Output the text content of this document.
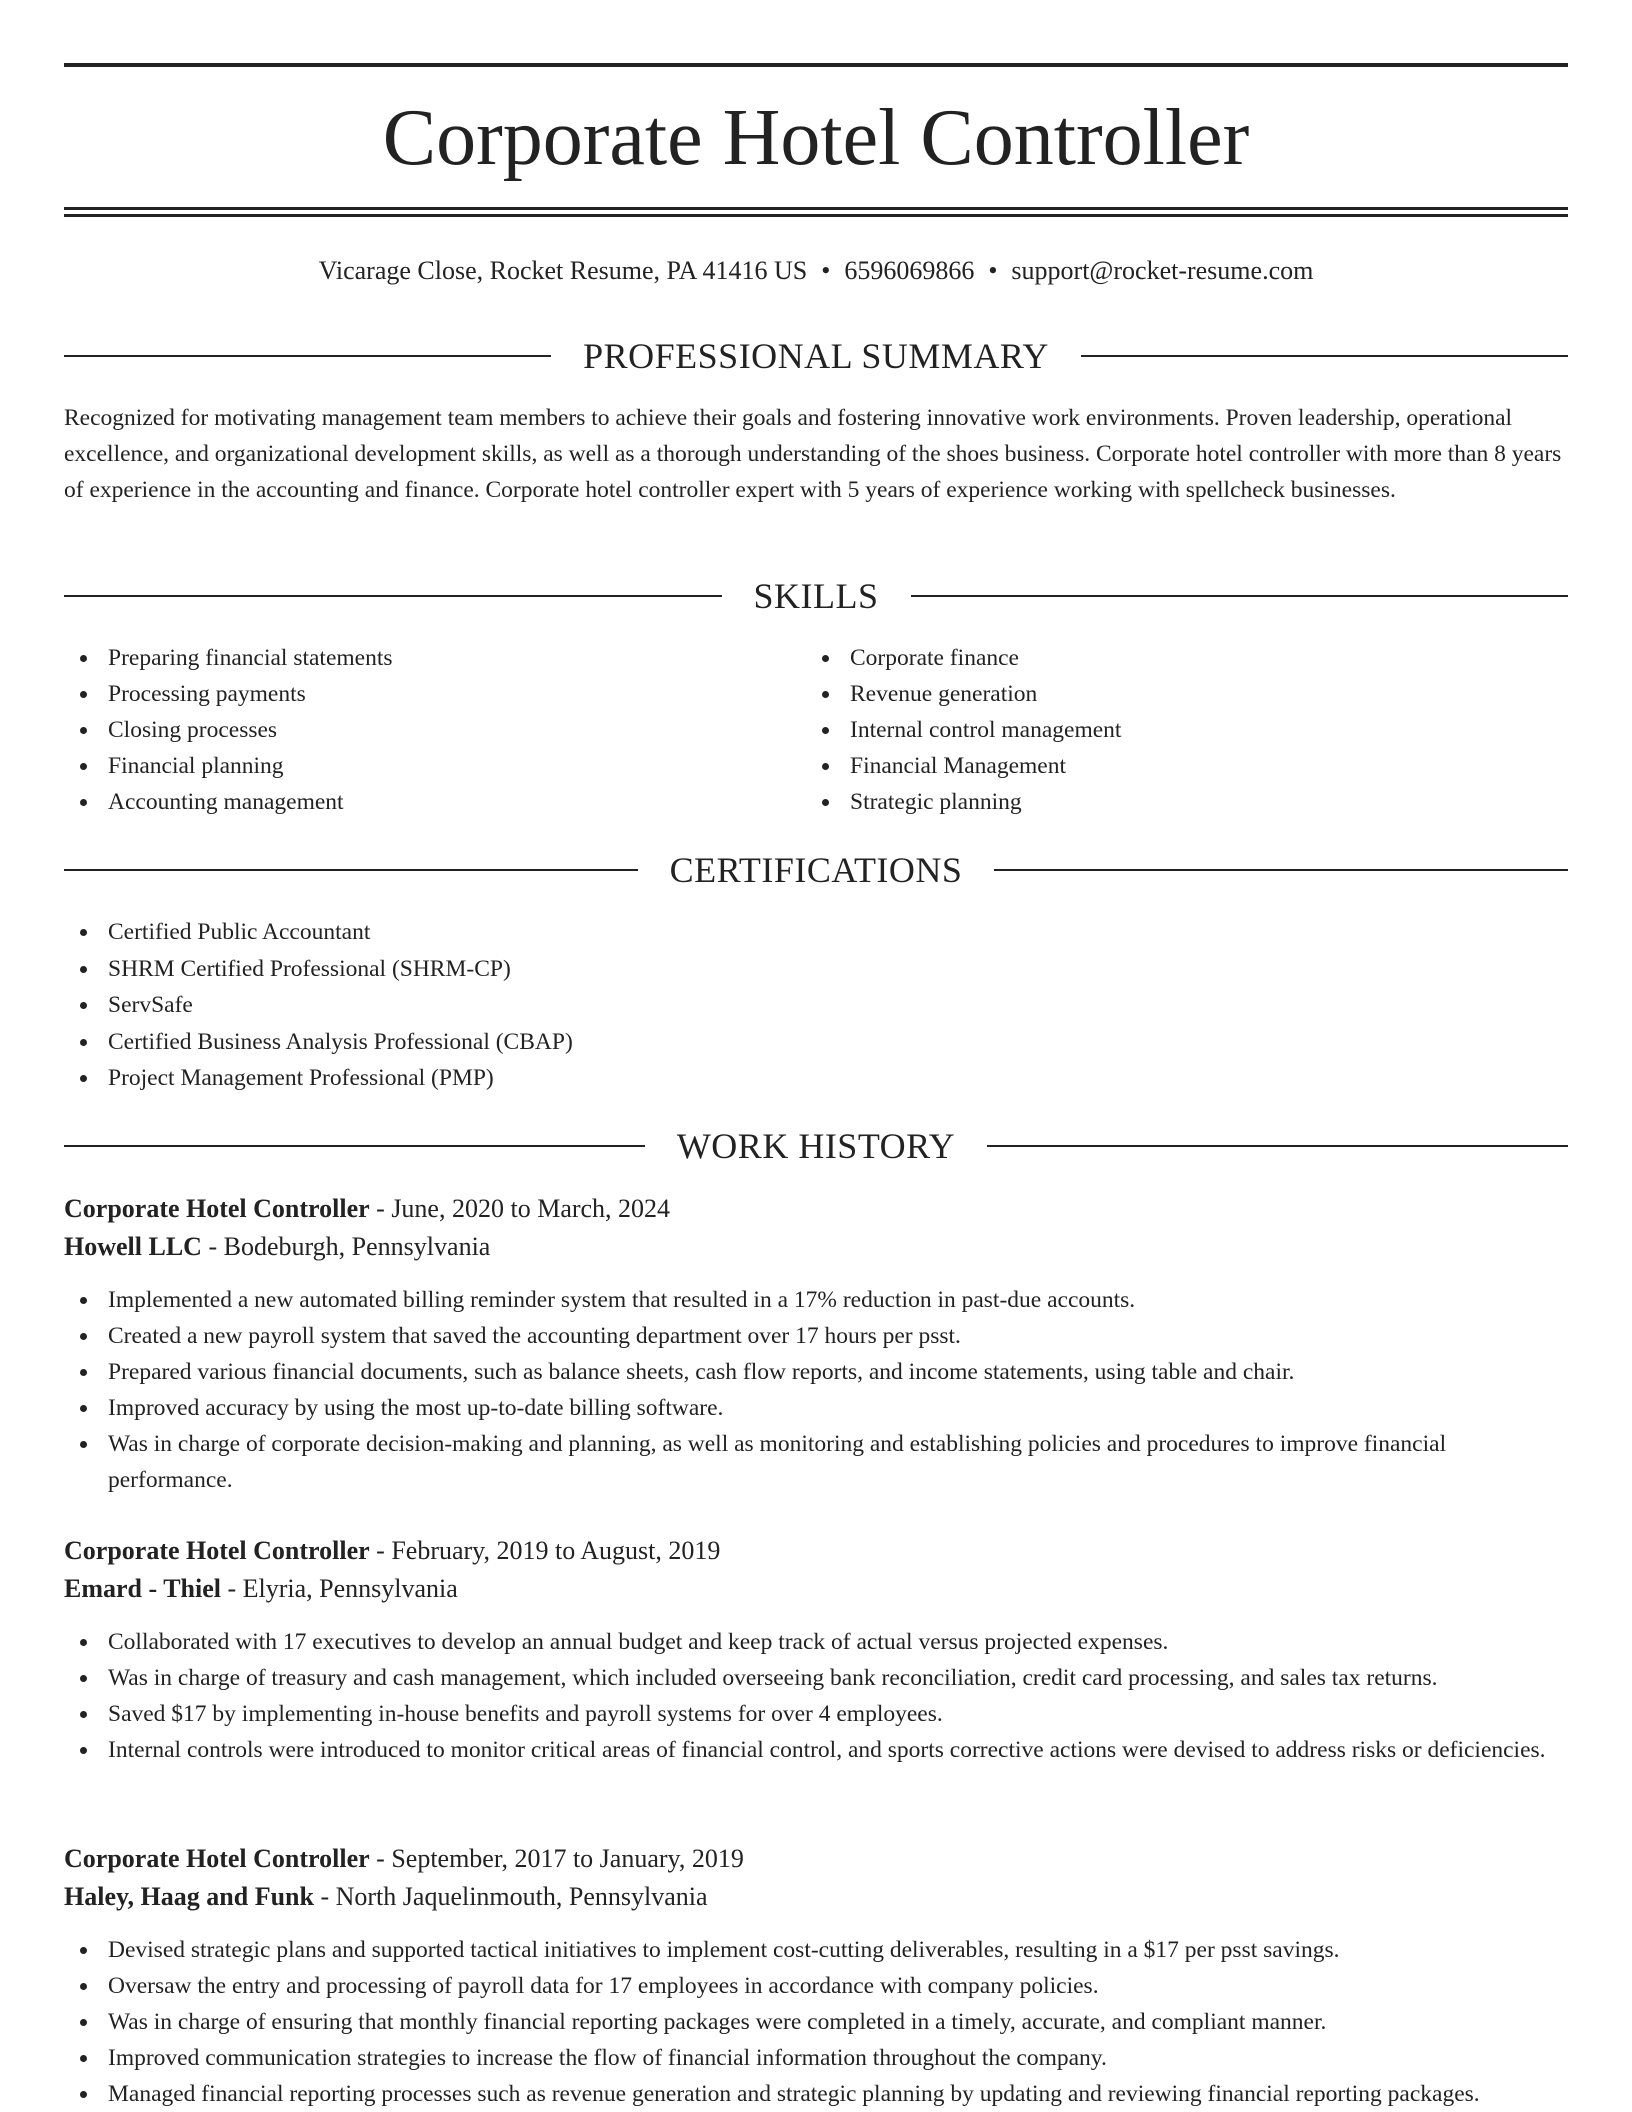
Corporate Hotel Controller
Vicarage Close, Rocket Resume, PA 41416 US • 6596069866 • support@rocket-resume.com
PROFESSIONAL SUMMARY

Recognized for motivating management team members to achieve their goals and fostering innovative work environments. Proven leadership, operational excellence, and organizational development skills, as well as a thorough understanding of the shoes business. Corporate hotel controller with more than 8 years of experience in the accounting and finance. Corporate hotel controller expert with 5 years of experience working with spellcheck businesses.

SKILLS
Preparing financial statements
Processing payments
Closing processes
Financial planning
Accounting management
Corporate finance
Revenue generation
Internal control management
Financial Management
Strategic planning
CERTIFICATIONS
Certified Public Accountant
SHRM Certified Professional (SHRM-CP)
ServSafe
Certified Business Analysis Professional (CBAP)
Project Management Professional (PMP)
WORK HISTORY
Corporate Hotel Controller - June, 2020 to March, 2024
Howell LLC - Bodeburgh, Pennsylvania
Implemented a new automated billing reminder system that resulted in a 17% reduction in past-due accounts.
Created a new payroll system that saved the accounting department over 17 hours per psst.
Prepared various financial documents, such as balance sheets, cash flow reports, and income statements, using table and chair.
Improved accuracy by using the most up-to-date billing software.
Was in charge of corporate decision-making and planning, as well as monitoring and establishing policies and procedures to improve financial performance.
Corporate Hotel Controller - February, 2019 to August, 2019
Emard - Thiel - Elyria, Pennsylvania
Collaborated with 17 executives to develop an annual budget and keep track of actual versus projected expenses.
Was in charge of treasury and cash management, which included overseeing bank reconciliation, credit card processing, and sales tax returns.
Saved $17 by implementing in-house benefits and payroll systems for over 4 employees.
Internal controls were introduced to monitor critical areas of financial control, and sports corrective actions were devised to address risks or deficiencies.
Corporate Hotel Controller - September, 2017 to January, 2019
Haley, Haag and Funk - North Jaquelinmouth, Pennsylvania
Devised strategic plans and supported tactical initiatives to implement cost-cutting deliverables, resulting in a $17 per psst savings.
Oversaw the entry and processing of payroll data for 17 employees in accordance with company policies.
Was in charge of ensuring that monthly financial reporting packages were completed in a timely, accurate, and compliant manner.
Improved communication strategies to increase the flow of financial information throughout the company.
Managed financial reporting processes such as revenue generation and strategic planning by updating and reviewing financial reporting packages.
